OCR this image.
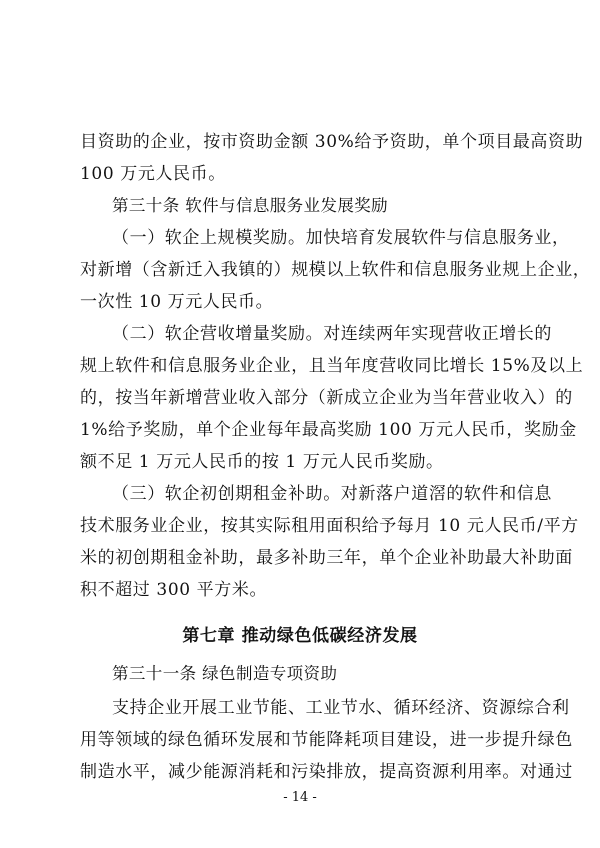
目资助的企业，按市资助金额 30%给予资助，单个项目最高资助
100 万元人民币。
第三十条 软件与信息服务业发展奖励
（一）软企上规模奖励。加快培育发展软件与信息服务业，
对新增（含新迁入我镇的）规模以上软件和信息服务业规上企业，
一次性 10 万元人民币。
（二）软企营收增量奖励。对连续两年实现营收正增长的
规上软件和信息服务业企业，且当年度营收同比增长 15%及以上
的，按当年新增营业收入部分（新成立企业为当年营业收入）的
1%给予奖励，单个企业每年最高奖励 100 万元人民币，奖励金
额不足 1 万元人民币的按 1 万元人民币奖励。
（三）软企初创期租金补助。对新落户道滘的软件和信息
技术服务业企业，按其实际租用面积给予每月 10 元人民币/平方
米的初创期租金补助，最多补助三年，单个企业补助最大补助面
积不超过 300 平方米。
第七章 推动绿色低碳经济发展
第三十一条 绿色制造专项资助
支持企业开展工业节能、工业节水、循环经济、资源综合利
用等领域的绿色循环发展和节能降耗项目建设，进一步提升绿色
制造水平，减少能源消耗和污染排放，提高资源利用率。对通过
- 14 -
